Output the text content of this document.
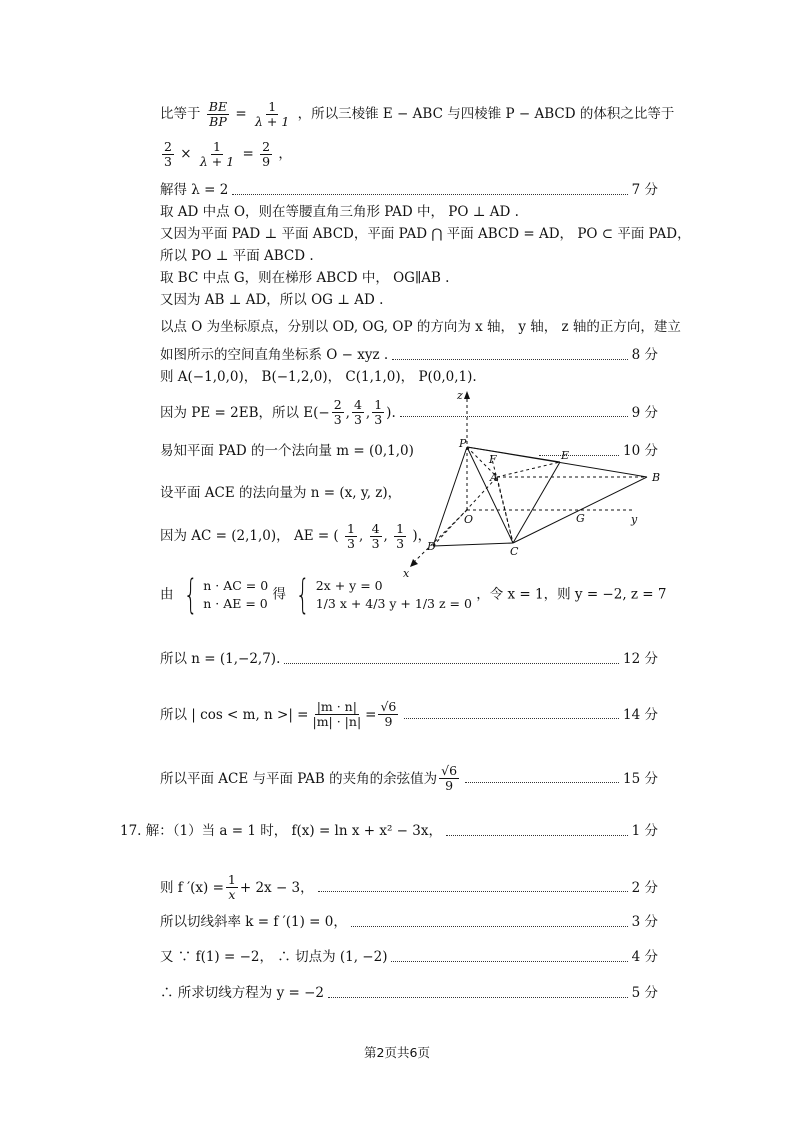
比等于 $\frac{BE}{BP} = \frac{1}{\lambda + 1}$ ，所以三棱锥 E − ABC 与四棱锥 P − ABCD 的体积之比等于
$\frac{2}{3} \times \frac{1}{\lambda + 1} = \frac{2}{9}$ ，
解得 λ = 2	7 分
取 AD 中点 O，则在等腰直角三角形 PAD 中， PO ⊥ AD .
又因为平面 PAD ⊥ 平面 ABCD，平面 PAD ⋂ 平面 ABCD = AD， PO ⊂ 平面 PAD，
所以 PO ⊥ 平面 ABCD .
取 BC 中点 G，则在梯形 ABCD 中， OG∥AB .
又因为 AB ⊥ AD，所以 OG ⊥ AD .
以点 O 为坐标原点，分别以 OD, OG, OP 的方向为 x 轴， y 轴， z 轴的正方向，建立
如图所示的空间直角坐标系 O − xyz .	8 分
则 A(−1,0,0)， B(−1,2,0)， C(1,1,0)， P(0,0,1).
因为 PE = 2EB，所以 $E(- \frac{2}{3}$ , $\frac{4}{3}$ , $\frac{1}{3}$ ).	9 分
易知平面 PAD 的一个法向量 m = (0,1,0)	10 分
设平面 ACE 的法向量为 n = (x, y, z)，
因为 AC = (2,1,0)， AE = ( $\frac{1}{3}$ , $\frac{4}{3}$ , $\frac{1}{3}$ )，
由 { n · AC = 0
n · AE = 0
得 { 2x + y = 0
1/3 x + 4/3 y + 1/3 z = 0
，令 x = 1，则 y = −2, z = 7
所以 n = (1,−2,7).	12 分
所以 | cos < m, n >| = $\frac{|m \cdot n|}{|m| \cdot |n|} = \frac{√6}{9}$	14 分
所以平面 ACE 与平面 PAB 的夹角的余弦值为 $\frac{√6}{9}$	15 分
17. 解：（1）当 a = 1 时， f(x) = ln x + x² − 3x，	1 分
则 f $'(x) = \frac{1}{x} + 2x - 3$，	2 分
所以切线斜率 k = f ′(1) = 0，	3 分
又 ∵ f(1) = −2， ∴ 切点为 (1, −2)	4 分
∴ 所求切线方程为 y = −2	5 分
z
P
F	E
A	B
O	G	y
D	C
x
第2页共6页
